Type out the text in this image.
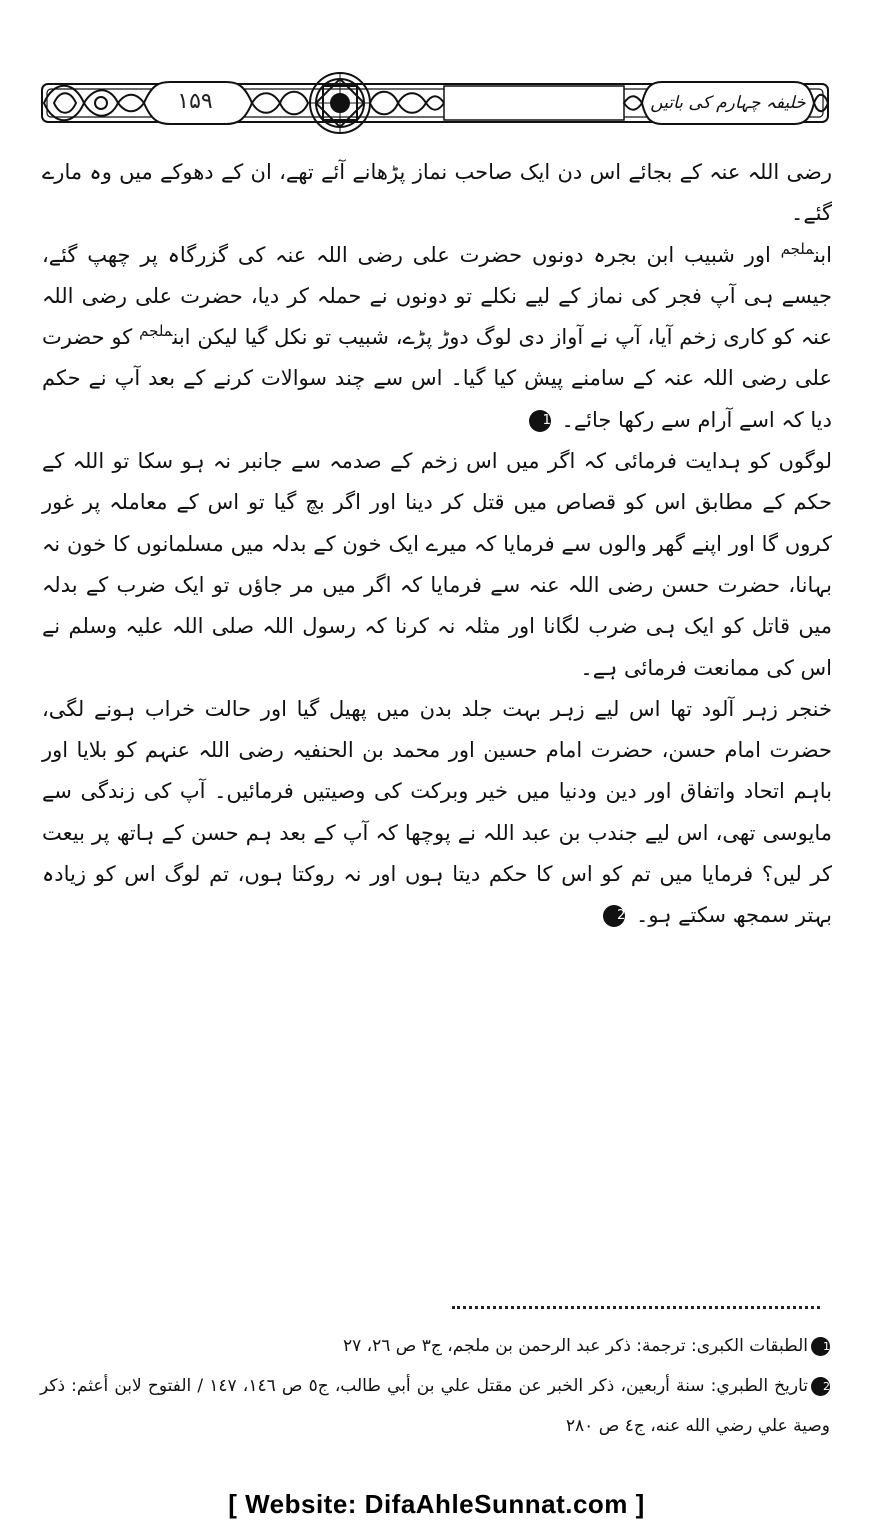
۱۵۹	خلیفہ چہارم کی باتیں

رضی اللہ عنہ کے بجائے اس دن ایک صاحب نماز پڑھانے آئے تھے، ان کے دھوکے میں وہ مارے گئے۔

ابن$^{ملجم}$ اور شبیب ابن بجرہ دونوں حضرت علی رضی اللہ عنہ کی گزرگاہ پر چھپ گئے، جیسے ہی آپ فجر کی نماز کے لیے نکلے تو دونوں نے حملہ کر دیا، حضرت علی رضی اللہ عنہ کو کاری زخم آیا، آپ نے آواز دی لوگ دوڑ پڑے، شبیب تو نکل گیا لیکن ابن$^{ملجم}$ کو حضرت علی رضی اللہ عنہ کے سامنے پیش کیا گیا۔ اس سے چند سوالات کرنے کے بعد آپ نے حکم دیا کہ اسے آرام سے رکھا جائے۔ 1

لوگوں کو ہدایت فرمائی کہ اگر میں اس زخم کے صدمہ سے جانبر نہ ہو سکا تو اللہ کے حکم کے مطابق اس کو قصاص میں قتل کر دینا اور اگر بچ گیا تو اس کے معاملہ پر غور کروں گا اور اپنے گھر والوں سے فرمایا کہ میرے ایک خون کے بدلہ میں مسلمانوں کا خون نہ بہانا، حضرت حسن رضی اللہ عنہ سے فرمایا کہ اگر میں مر جاؤں تو ایک ضرب کے بدلہ میں قاتل کو ایک ہی ضرب لگانا اور مثلہ نہ کرنا کہ رسول اللہ صلی اللہ علیہ وسلم نے اس کی ممانعت فرمائی ہے۔

خنجر زہر آلود تھا اس لیے زہر بہت جلد بدن میں پھیل گیا اور حالت خراب ہونے لگی، حضرت امام حسن، حضرت امام حسین اور محمد بن الحنفیہ رضی اللہ عنہم کو بلایا اور باہم اتحاد واتفاق اور دین ودنیا میں خیر وبرکت کی وصیتیں فرمائیں۔ آپ کی زندگی سے مایوسی تھی، اس لیے جندب بن عبد اللہ نے پوچھا کہ آپ کے بعد ہم حسن کے ہاتھ پر بیعت کر لیں؟ فرمایا میں تم کو اس کا حکم دیتا ہوں اور نہ روکتا ہوں، تم لوگ اس کو زیادہ بہتر سمجھ سکتے ہو۔ 2

1الطبقات الكبرى: ترجمة: ذكر عبد الرحمن بن ملجم، ج٣ ص ٢٦، ٢٧

2تاريخ الطبري: سنة أربعين، ذكر الخبر عن مقتل علي بن أبي طالب، ج٥ ص ١٤٦، ١٤٧ / الفتوح لابن أعثم: ذكر وصية علي رضي الله عنه، ج٤ ص ٢٨٠

[ Website: DifaAhleSunnat.com ]
